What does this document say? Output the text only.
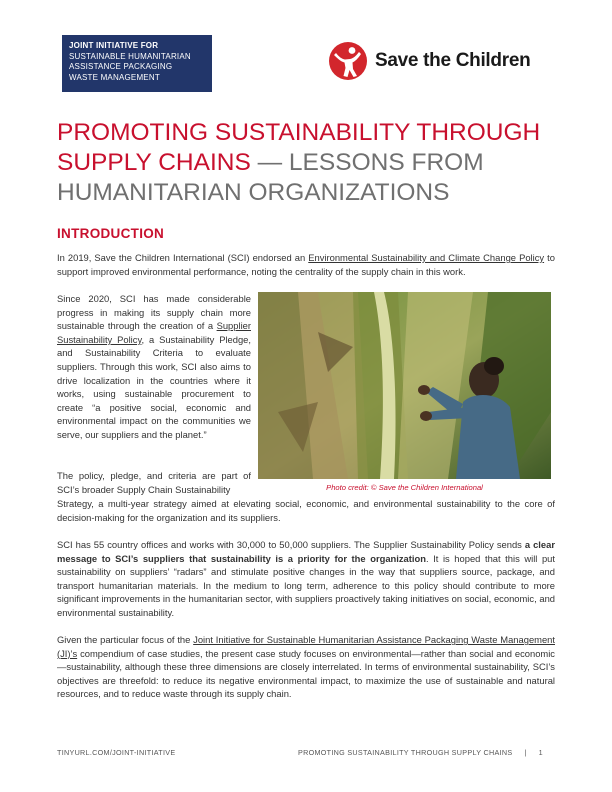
JOINT INITIATIVE FOR
SUSTAINABLE HUMANITARIAN
ASSISTANCE PACKAGING
WASTE MANAGEMENT
Save the Children
PROMOTING SUSTAINABILITY THROUGH SUPPLY CHAINS — LESSONS FROM HUMANITARIAN ORGANIZATIONS
INTRODUCTION

In 2019, Save the Children International (SCI) endorsed an Environmental Sustainability and Climate Change Policy to support improved environmental performance, noting the centrality of the supply chain in this work.

Since 2020, SCI has made considerable progress in making its supply chain more sustainable through the creation of a Supplier Sustainability Policy, a Sustainability Pledge, and Sustainability Criteria to evaluate suppliers. Through this work, SCI also aims to drive localization in the countries where it works, using sustainable procurement to create “a positive social, economic and environmental impact on the communities we serve, our suppliers and the planet.”

Photo credit: © Save the Children International

The policy, pledge, and criteria are part of SCI’s broader Supply Chain Sustainability

Strategy, a multi-year strategy aimed at elevating social, economic, and environmental sustainability to the core of decision-making for the organization and its suppliers.

SCI has 55 country offices and works with 30,000 to 50,000 suppliers. The Supplier Sustainability Policy sends a clear message to SCI’s suppliers that sustainability is a priority for the organization. It is hoped that this will put sustainability on suppliers’ “radars” and stimulate positive changes in the way that suppliers source, package, and transport humanitarian materials. In the medium to long term, adherence to this policy should contribute to more significant improvements in the humanitarian sector, with suppliers proactively taking initiatives on social, economic, and environmental sustainability.

Given the particular focus of the Joint Initiative for Sustainable Humanitarian Assistance Packaging Waste Management (JI)’s compendium of case studies, the present case study focuses on environmental—rather than social and economic—sustainability, although these three dimensions are closely interrelated. In terms of environmental sustainability, SCI’s objectives are threefold: to reduce its negative environmental impact, to maximize the use of sustainable and natural resources, and to reduce waste through its supply chain.

TINYURL.COM/JOINT-INITIATIVE	PROMOTING SUSTAINABILITY THROUGH SUPPLY CHAINS | 1
